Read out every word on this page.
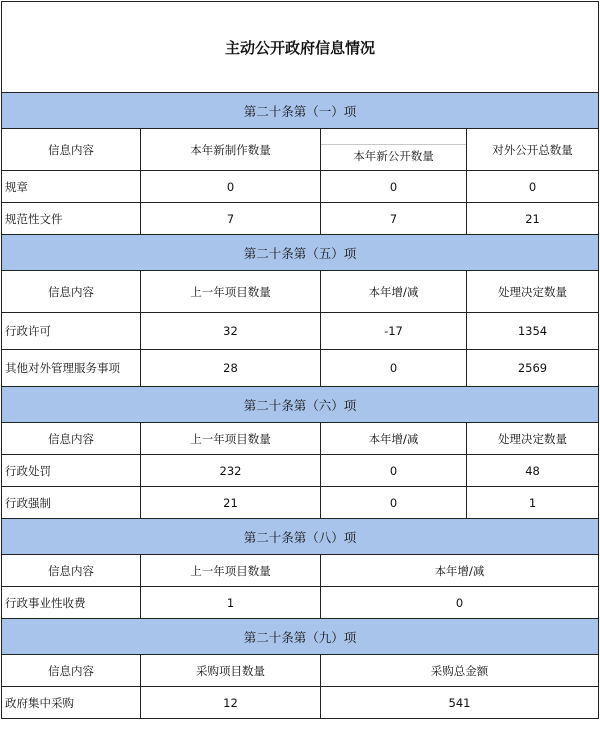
主动公开政府信息情况			
第二十条第（一）项			
信息内容	本年新制作数量	本年新公开数量	对外公开总数量
规章	0	0	0
规范性文件	7	7	21
第二十条第（五）项			
信息内容	上一年项目数量	本年增/减	处理决定数量
行政许可	32	-17	1354
其他对外管理服务事项	28	0	2569
第二十条第（六）项			
信息内容	上一年项目数量	本年增/减	处理决定数量
行政处罚	232	0	48
行政强制	21	0	1
第二十条第（八）项			
信息内容	上一年项目数量	本年增/减	
行政事业性收费	1	0	
第二十条第（九）项			
信息内容	采购项目数量	采购总金额	
政府集中采购	12	541	
